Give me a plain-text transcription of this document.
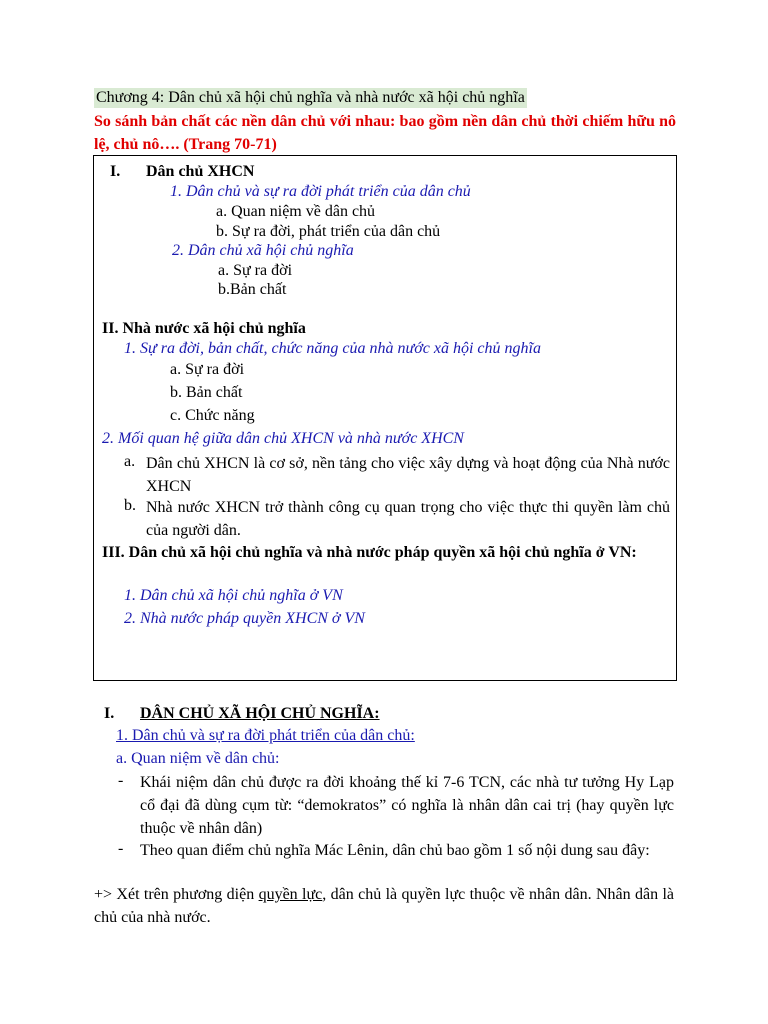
Chương 4: Dân chủ xã hội chủ nghĩa và nhà nước xã hội chủ nghĩa
So sánh bản chất các nền dân chủ với nhau: bao gồm nền dân chủ thời chiếm hữu nô lệ, chủ nô…. (Trang 70-71)
I. Dân chủ XHCN
1. Dân chủ và sự ra đời phát triển của dân chủ
a. Quan niệm về dân chủ
b. Sự ra đời, phát triển của dân chủ
2. Dân chủ xã hội chủ nghĩa
a. Sự ra đời
b.Bản chất
II. Nhà nước xã hội chủ nghĩa
1. Sự ra đời, bản chất, chức năng của nhà nước xã hội chủ nghĩa
a. Sự ra đời
b. Bản chất
c. Chức năng
2. Mối quan hệ giữa dân chủ XHCN và nhà nước XHCN
a. Dân chủ XHCN là cơ sở, nền tảng cho việc xây dựng và hoạt động của Nhà nước XHCN
b. Nhà nước XHCN trở thành công cụ quan trọng cho việc thực thi quyền làm chủ của người dân.
III. Dân chủ xã hội chủ nghĩa và nhà nước pháp quyền xã hội chủ nghĩa ở VN:
1. Dân chủ xã hội chủ nghĩa ở VN
2. Nhà nước pháp quyền XHCN ở VN
I. DÂN CHỦ XÃ HỘI CHỦ NGHĨA:
1. Dân chủ và sự ra đời phát triển của dân chủ:
a. Quan niệm về dân chủ:
- Khái niệm dân chủ được ra đời khoảng thế kỉ 7-6 TCN, các nhà tư tưởng Hy Lạp cổ đại đã dùng cụm từ: “demokratos” có nghĩa là nhân dân cai trị (hay quyền lực thuộc về nhân dân)
- Theo quan điểm chủ nghĩa Mác Lênin, dân chủ bao gồm 1 số nội dung sau đây:
+> Xét trên phương diện quyền lực, dân chủ là quyền lực thuộc về nhân dân. Nhân dân là chủ của nhà nước.
